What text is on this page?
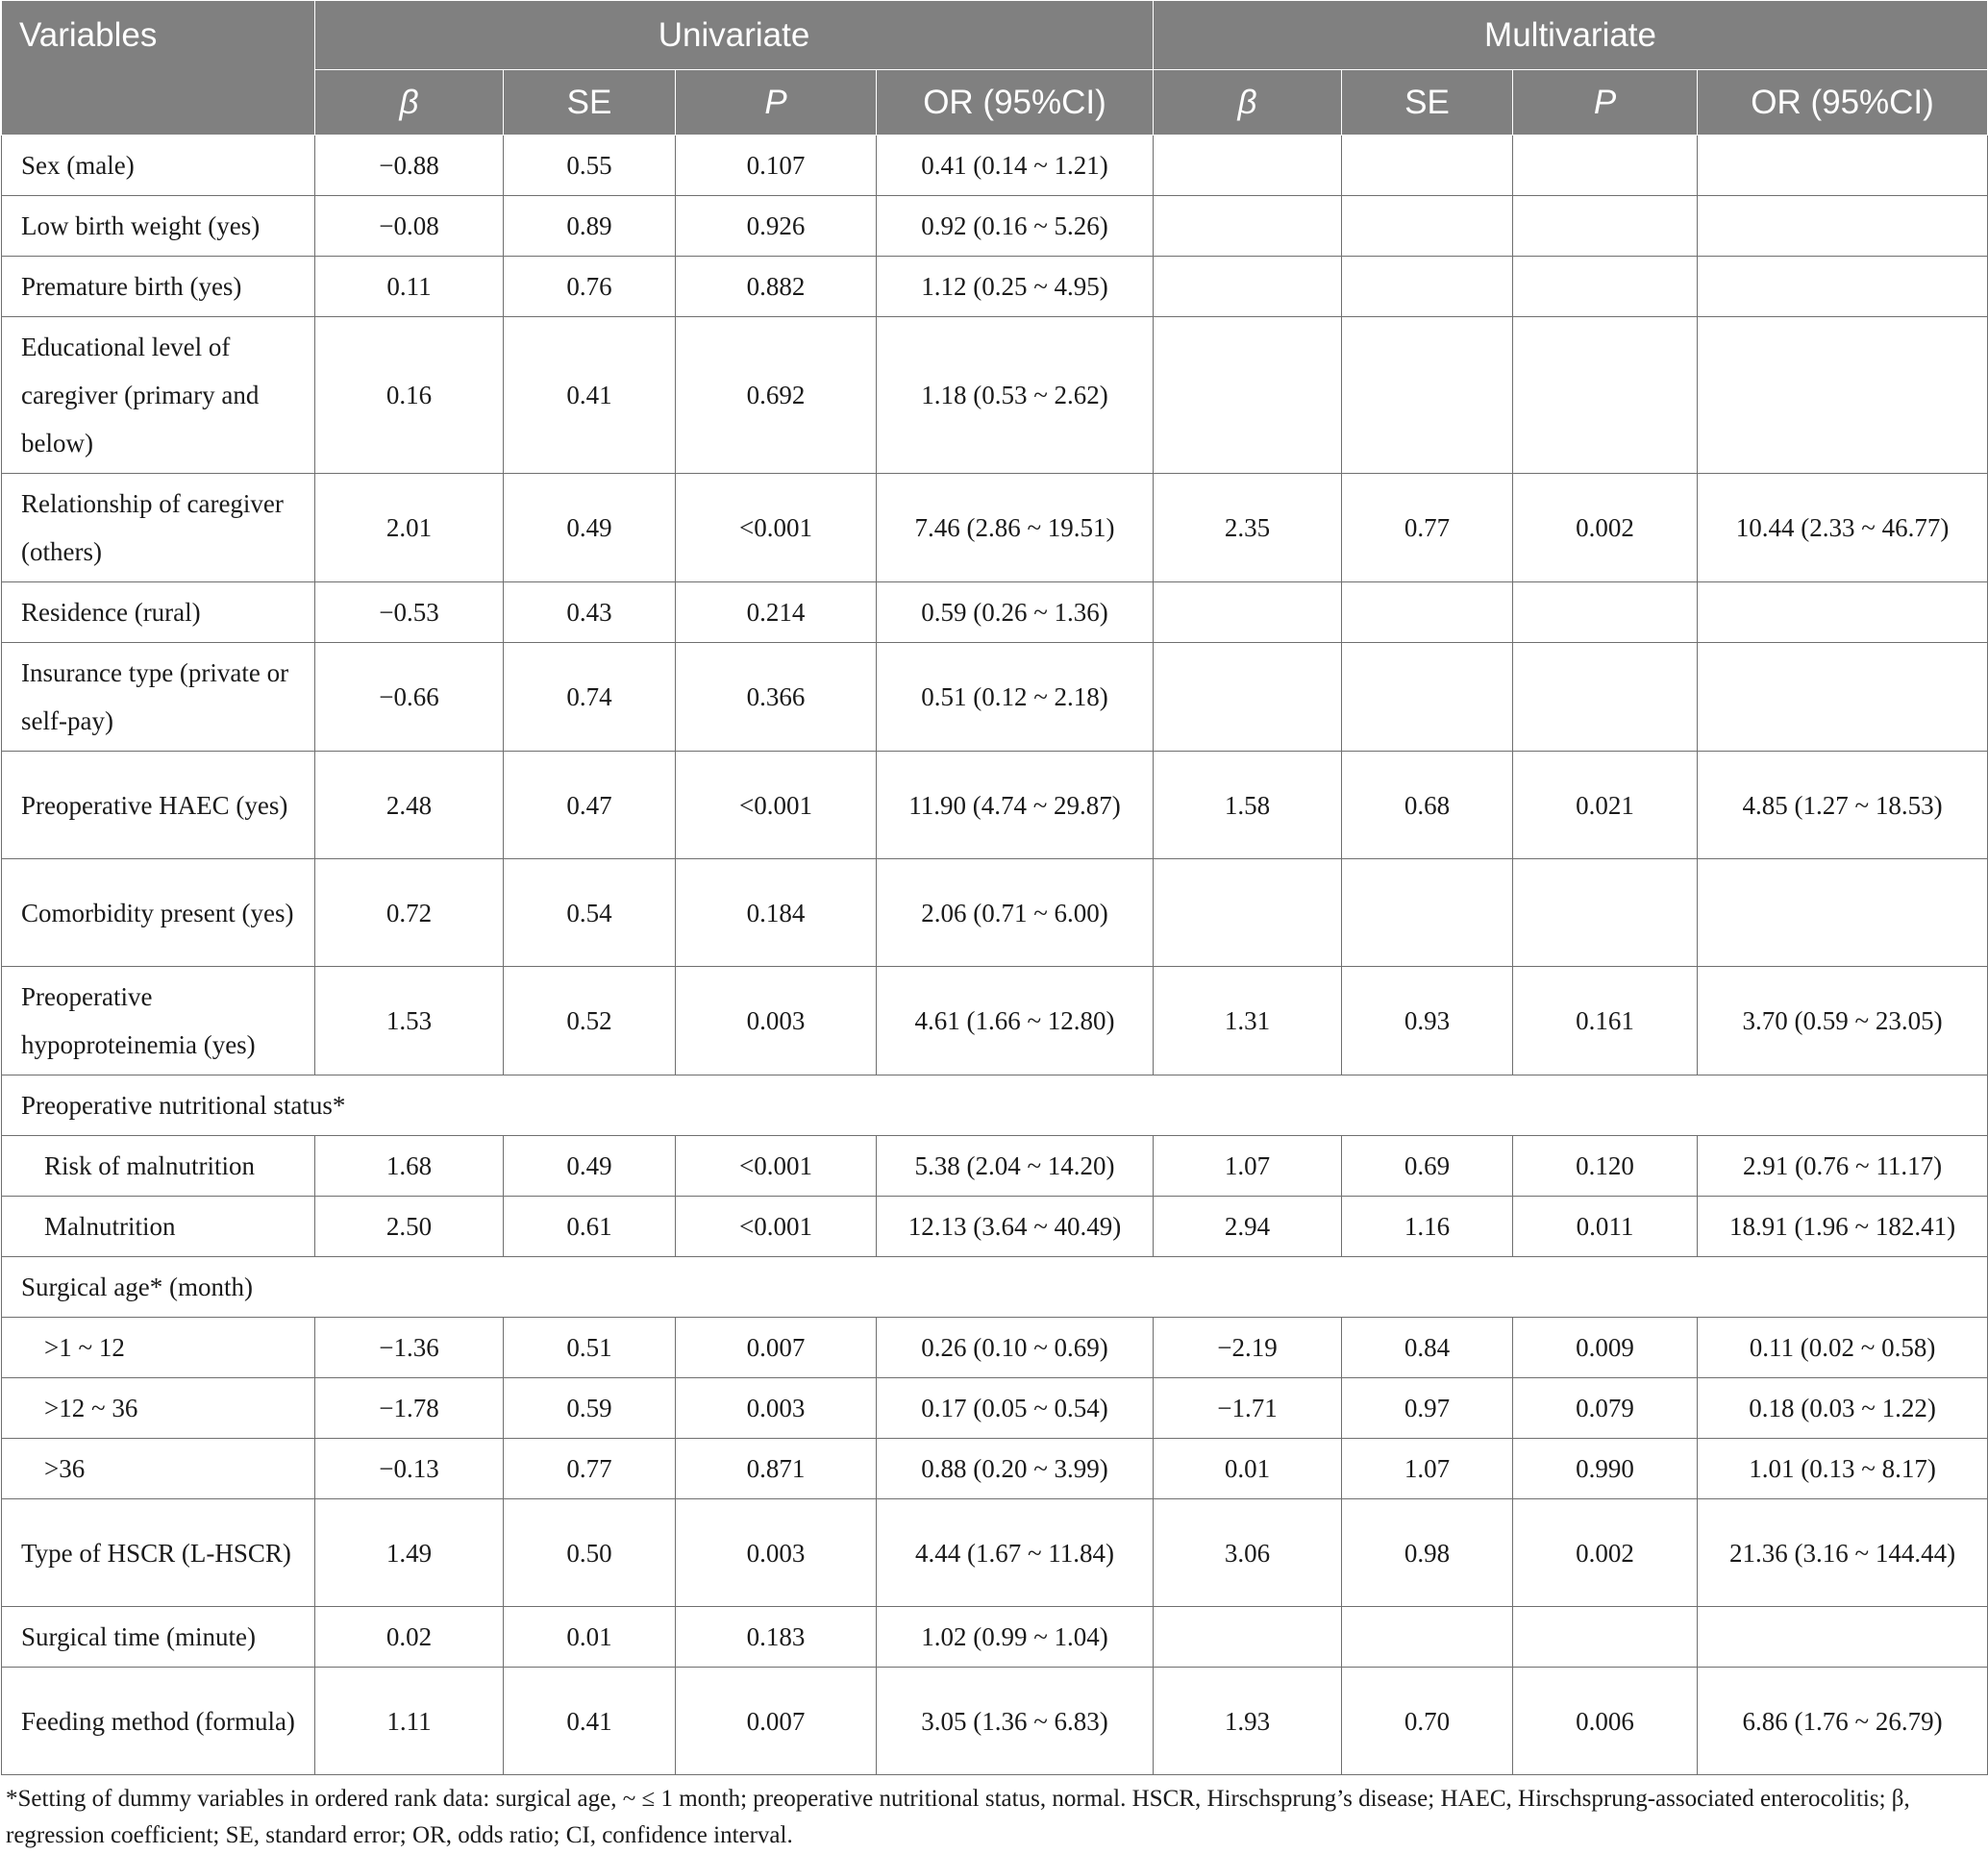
Variables	Univariate				Multivariate			
	β	SE	P	OR (95%CI)	β	SE	P	OR (95%CI)
Sex (male)	−0.88	0.55	0.107	0.41 (0.14 ~ 1.21)				
Low birth weight (yes)	−0.08	0.89	0.926	0.92 (0.16 ~ 5.26)				
Premature birth (yes)	0.11	0.76	0.882	1.12 (0.25 ~ 4.95)				
Educational level of caregiver (primary and below)	0.16	0.41	0.692	1.18 (0.53 ~ 2.62)				
Relationship of caregiver (others)	2.01	0.49	<0.001	7.46 (2.86 ~ 19.51)	2.35	0.77	0.002	10.44 (2.33 ~ 46.77)
Residence (rural)	−0.53	0.43	0.214	0.59 (0.26 ~ 1.36)				
Insurance type (private or self-pay)	−0.66	0.74	0.366	0.51 (0.12 ~ 2.18)				
Preoperative HAEC (yes)	2.48	0.47	<0.001	11.90 (4.74 ~ 29.87)	1.58	0.68	0.021	4.85 (1.27 ~ 18.53)
Comorbidity present (yes)	0.72	0.54	0.184	2.06 (0.71 ~ 6.00)				
Preoperative hypoproteinemia (yes)	1.53	0.52	0.003	4.61 (1.66 ~ 12.80)	1.31	0.93	0.161	3.70 (0.59 ~ 23.05)
Preoperative nutritional status*								
Risk of malnutrition	1.68	0.49	<0.001	5.38 (2.04 ~ 14.20)	1.07	0.69	0.120	2.91 (0.76 ~ 11.17)
Malnutrition	2.50	0.61	<0.001	12.13 (3.64 ~ 40.49)	2.94	1.16	0.011	18.91 (1.96 ~ 182.41)
Surgical age* (month)								
>1 ~ 12	−1.36	0.51	0.007	0.26 (0.10 ~ 0.69)	−2.19	0.84	0.009	0.11 (0.02 ~ 0.58)
>12 ~ 36	−1.78	0.59	0.003	0.17 (0.05 ~ 0.54)	−1.71	0.97	0.079	0.18 (0.03 ~ 1.22)
>36	−0.13	0.77	0.871	0.88 (0.20 ~ 3.99)	0.01	1.07	0.990	1.01 (0.13 ~ 8.17)
Type of HSCR (L-HSCR)	1.49	0.50	0.003	4.44 (1.67 ~ 11.84)	3.06	0.98	0.002	21.36 (3.16 ~ 144.44)
Surgical time (minute)	0.02	0.01	0.183	1.02 (0.99 ~ 1.04)				
Feeding method (formula)	1.11	0.41	0.007	3.05 (1.36 ~ 6.83)	1.93	0.70	0.006	6.86 (1.76 ~ 26.79)
*Setting of dummy variables in ordered rank data: surgical age, ~ ≤ 1 month; preoperative nutritional status, normal. HSCR, Hirschsprung’s disease; HAEC, Hirschsprung-associated enterocolitis; β, regression coefficient; SE, standard error; OR, odds ratio; CI, confidence interval.
